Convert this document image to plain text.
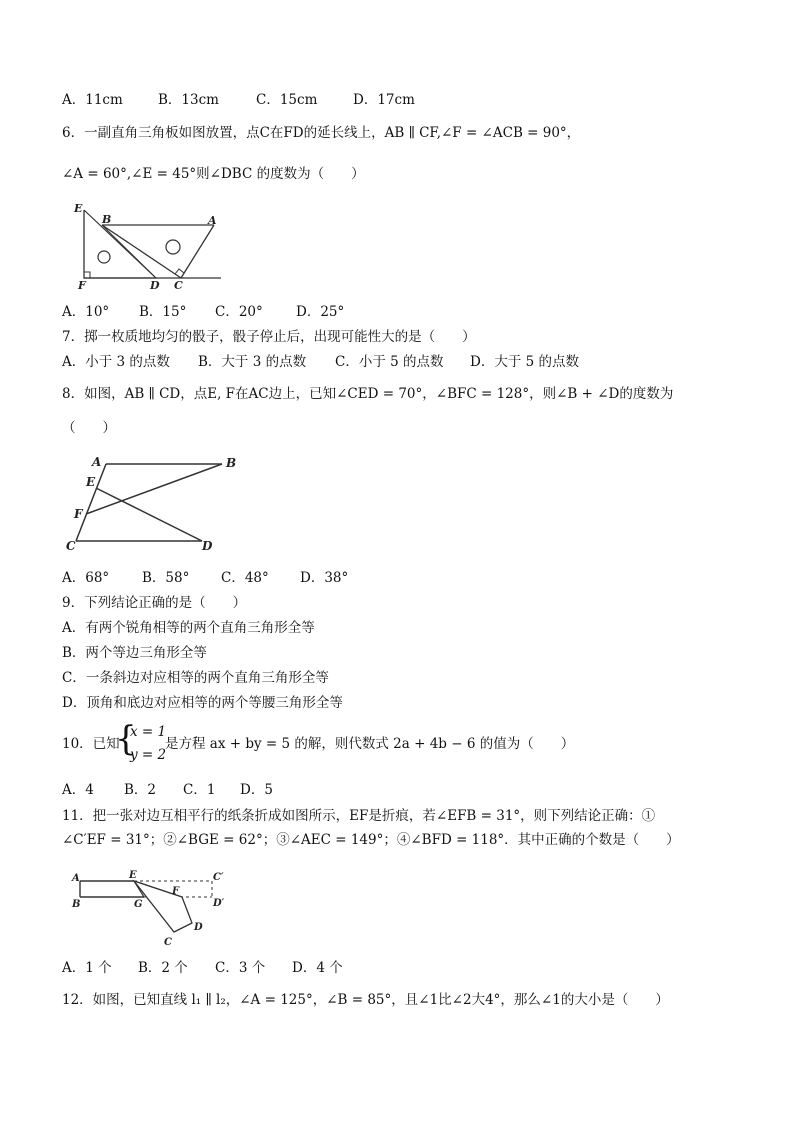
A．11cm	B．13cm	C．15cm	D．17cm
6．一副直角三角板如图放置，点C在FD的延长线上，AB ∥ CF,∠F = ∠ACB = 90°，
∠A = 60°,∠E = 45°则∠DBC 的度数为（　　）
E
B	A
F	D C
A．10° B．15° C．20° D．25°
7．掷一枚质地均匀的骰子，骰子停止后，出现可能性大的是（　　）
A．小于 3 的点数 B．大于 3 的点数 C．小于 5 的点数 D．大于 5 的点数
8．如图，AB ∥ CD，点E, F在AC边上，已知∠CED = 70°，∠BFC = 128°，则∠B + ∠D的度数为
（　　）
A	B
E
F
C	D
A．68° B．58° C．48° D．38°
9．下列结论正确的是（　　）
A．有两个锐角相等的两个直角三角形全等
B．两个等边三角形全等
C．一条斜边对应相等的两个直角三角形全等
D．顶角和底边对应相等的两个等腰三角形全等
10．已知
{
x = 1
y = 2
是方程 ax + by = 5 的解，则代数式 2a + 4b − 6 的值为（　　）
A．4 B．2 C．1 D．5
11．把一张对边互相平行的纸条折成如图所示，EF是折痕，若∠EFB = 31°，则下列结论正确：①
∠C′EF = 31°；②∠BGE = 62°；③∠AEC = 149°；④∠BFD = 118°．其中正确的个数是（　　）
A
B
E
F
G
C′
D′
C
D
A．1 个 B．2 个 C．3 个 D．4 个
12．如图，已知直线 l₁ ∥ l₂，∠A = 125°，∠B = 85°，且∠1比∠2大4°，那么∠1的大小是（　　）
